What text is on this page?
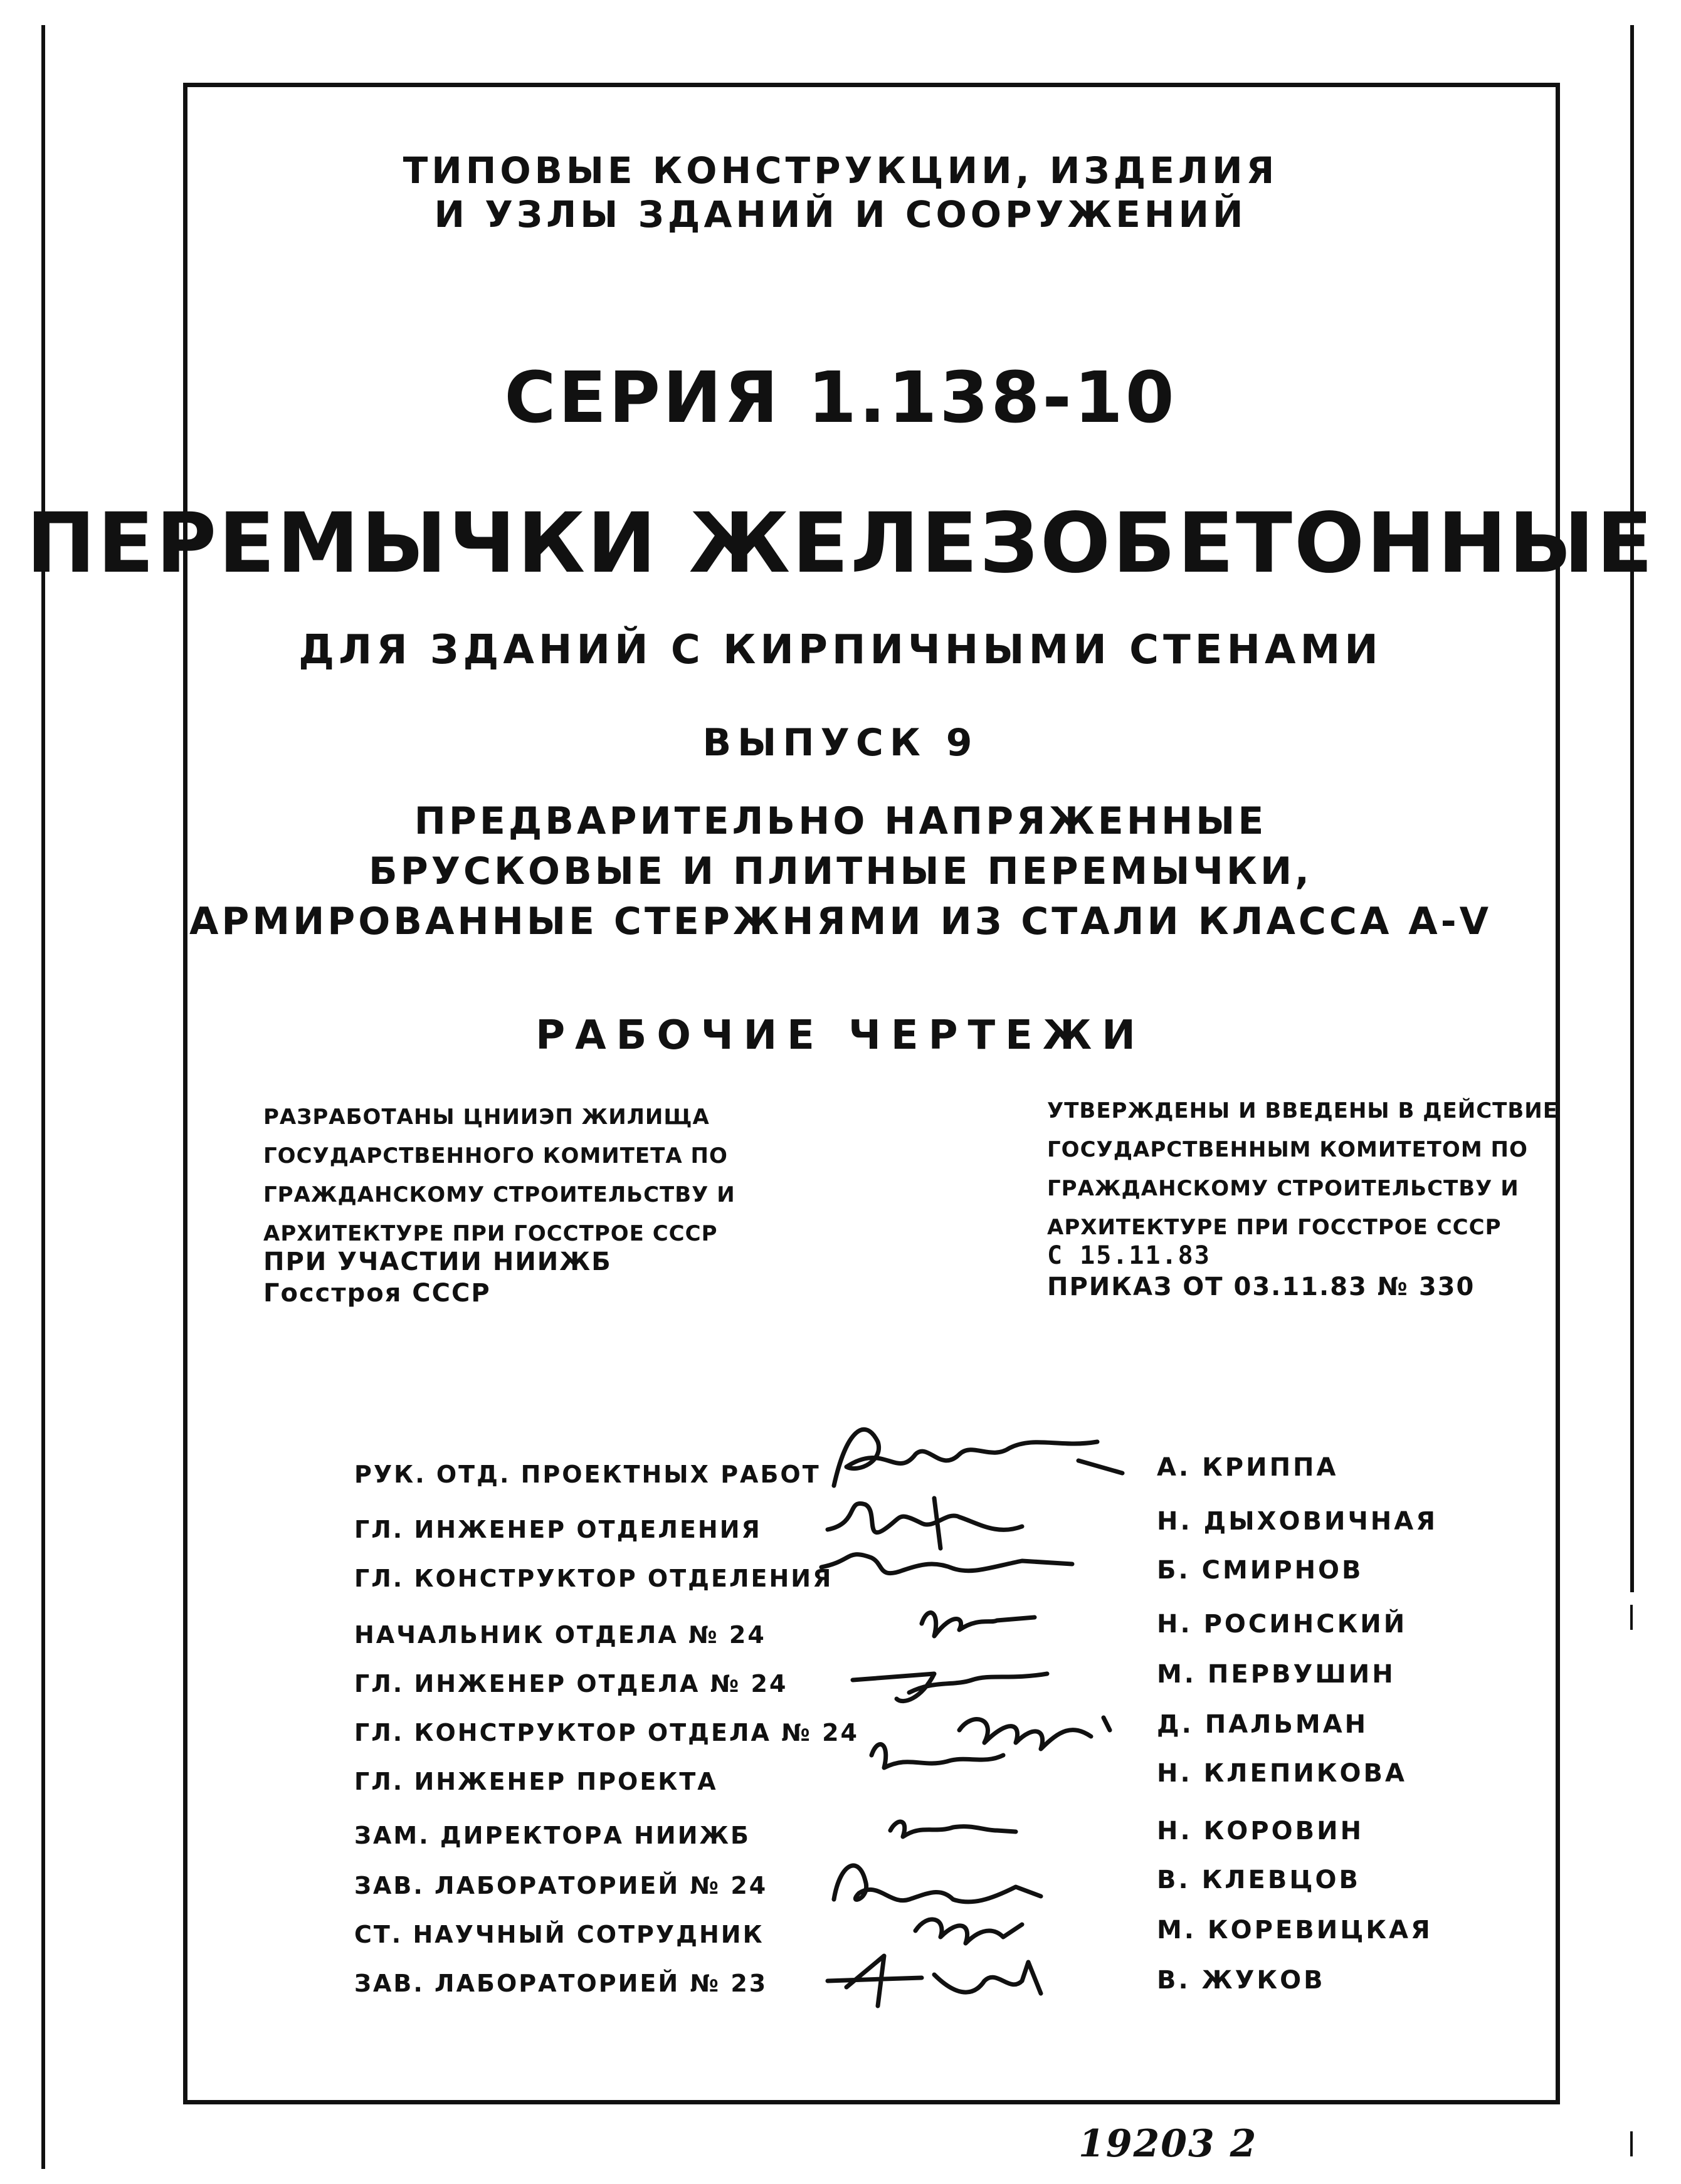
ТИПОВЫЕ КОНСТРУКЦИИ, ИЗДЕЛИЯ
И УЗЛЫ ЗДАНИЙ И СООРУЖЕНИЙ
СЕРИЯ 1.138-10
ПЕРЕМЫЧКИ ЖЕЛЕЗОБЕТОННЫЕ
ДЛЯ ЗДАНИЙ С КИРПИЧНЫМИ СТЕНАМИ
ВЫПУСК 9
ПРЕДВАРИТЕЛЬНО НАПРЯЖЕННЫЕ
БРУСКОВЫЕ И ПЛИТНЫЕ ПЕРЕМЫЧКИ,
АРМИРОВАННЫЕ СТЕРЖНЯМИ ИЗ СТАЛИ КЛАССА А-V
РАБОЧИЕ ЧЕРТЕЖИ
РАЗРАБОТАНЫ ЦНИИЭП ЖИЛИЩА
ГОСУДАРСТВЕННОГО КОМИТЕТА ПО
ГРАЖДАНСКОМУ СТРОИТЕЛЬСТВУ И
АРХИТЕКТУРЕ ПРИ ГОССТРОЕ СССР
ПРИ УЧАСТИИ НИИЖБ
Госстроя СССР
УТВЕРЖДЕНЫ И ВВЕДЕНЫ В ДЕЙСТВИЕ
ГОСУДАРСТВЕННЫМ КОМИТЕТОМ ПО
ГРАЖДАНСКОМУ СТРОИТЕЛЬСТВУ И
АРХИТЕКТУРЕ ПРИ ГОССТРОЕ СССР
С 15.11.83
ПРИКАЗ ОТ 03.11.83 № 330
РУК. ОТД. ПРОЕКТНЫХ РАБОТ
ГЛ. ИНЖЕНЕР ОТДЕЛЕНИЯ
ГЛ. КОНСТРУКТОР ОТДЕЛЕНИЯ
НАЧАЛЬНИК ОТДЕЛА № 24
ГЛ. ИНЖЕНЕР ОТДЕЛА № 24
ГЛ. КОНСТРУКТОР ОТДЕЛА № 24
ГЛ. ИНЖЕНЕР ПРОЕКТА
ЗАМ. ДИРЕКТОРА НИИЖБ
ЗАВ. ЛАБОРАТОРИЕЙ № 24
СТ. НАУЧНЫЙ СОТРУДНИК
ЗАВ. ЛАБОРАТОРИЕЙ № 23
А. КРИППА
Н. ДЫХОВИЧНАЯ
Б. СМИРНОВ
Н. РОСИНСКИЙ
М. ПЕРВУШИН
Д. ПАЛЬМАН
Н. КЛЕПИКОВА
Н. КОРОВИН
В. КЛЕВЦОВ
М. КОРЕВИЦКАЯ
В. ЖУКОВ
19203 2
